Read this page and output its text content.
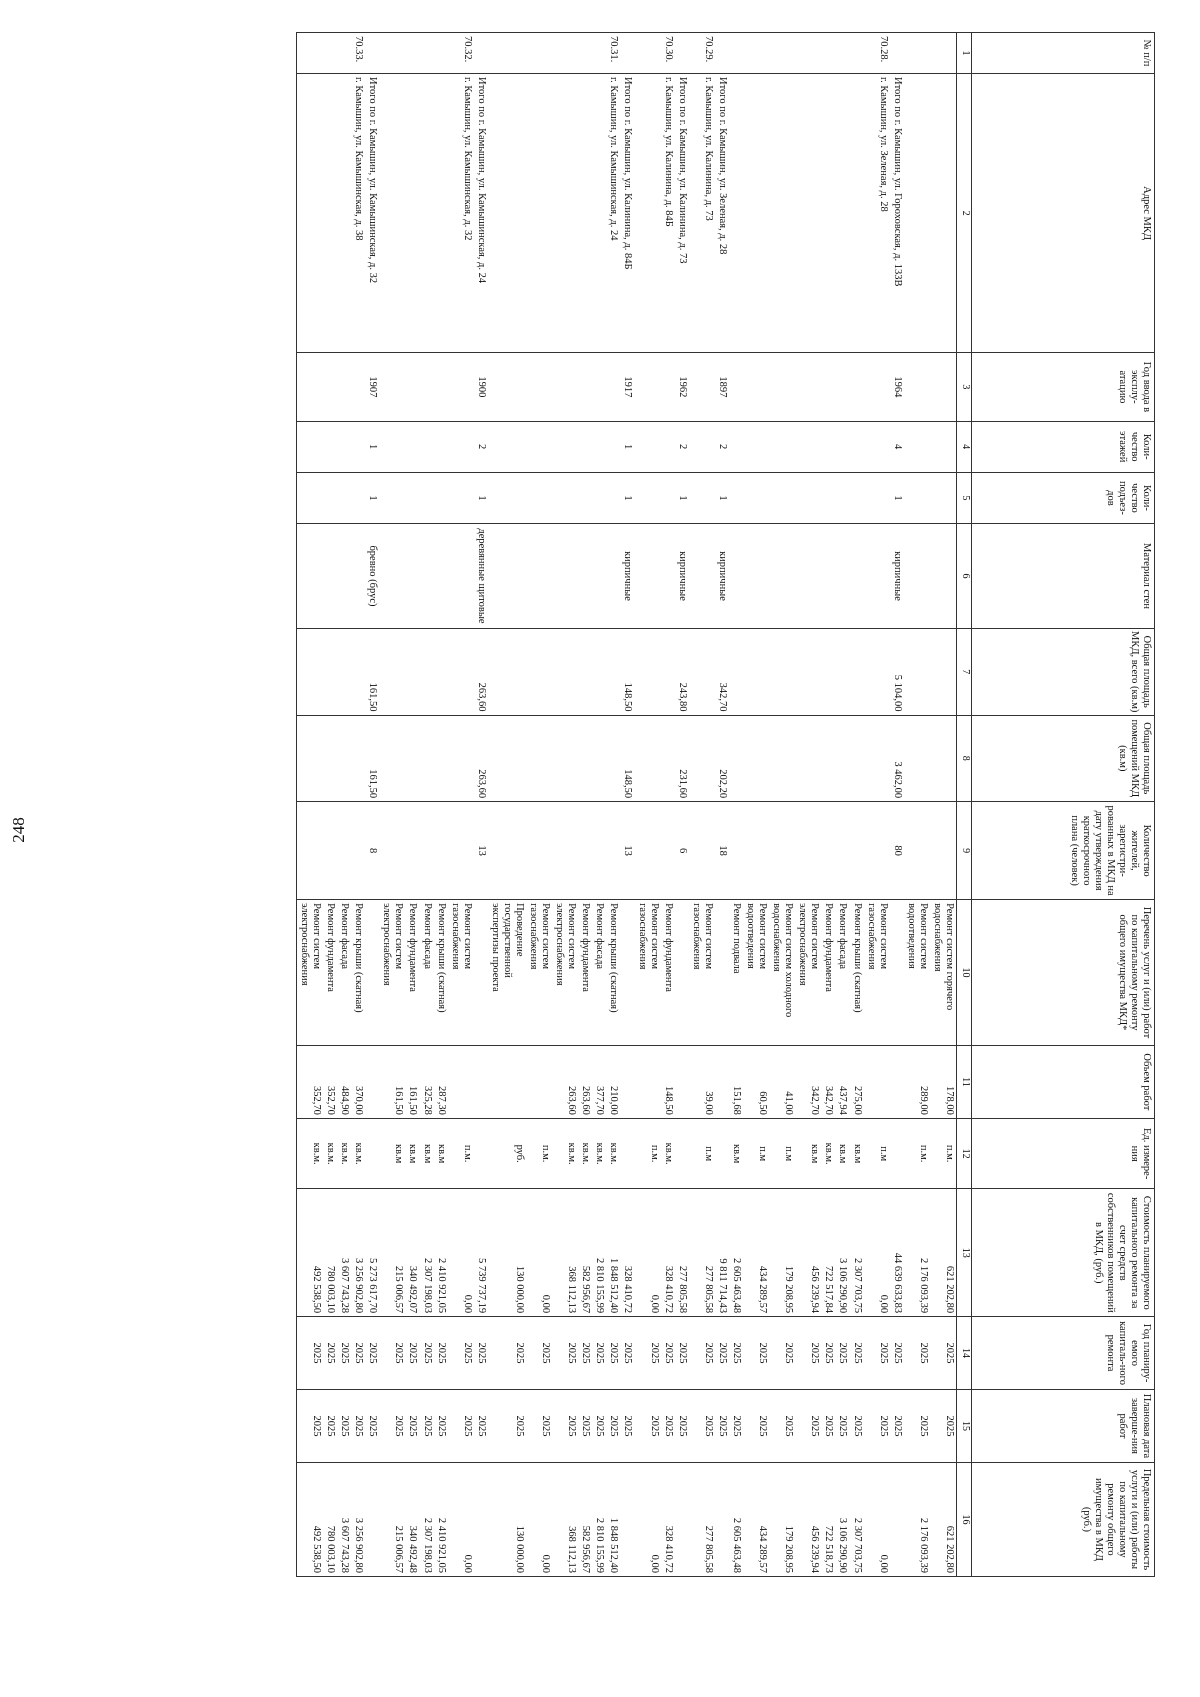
248
№ п/п	Адрес МКД	Год ввода в эксплу-атацию	Коли-чество этажей	Коли-чество подъез-дов	Материал стен	Общая площадь МКД, всего (кв.м)	Общая площадь помещений МКД (кв.м)	Количество жителей, зарегистри-рованных в МКД на дату утверждения краткосрочного плана (человек)	Перечень услуг и (или) работ по капитальному ремонту общего имущества МКД*	Объем работ	Ед. измере-ния	Стоимость планируемого капитального ремонта за счет средств собственников помещений в МКД, (руб.)	Год планиру-емого капиталь-ного ремонта	Плановая дата заверше-ния работ	Предельная стоимость услуги и (или) работы по капитальному ремонту общего имущества в МКД (руб.)
1	2	3	4	5	6	7	8	9	10	11	12	13	14	15	16

									Ремонт систем горячего
водоснабжения	178,00	п.м.	621 202,80	2025	2025	621 202,80

									Ремонт систем
водоотведения	289,00	п.м.	2 176 093,39	2025	2025	2 176 093,39

	Итого по г. Камышин, ул. Гороховская, д. 133В	1964	4	1	кирпичные	5 104,00	3 462,00	80				44 639 633,83	2025	2025	

70.28.	г. Камышин, ул. Зеленая, д. 28								Ремонт систем
газоснабжения		п.м	0,00	2025	2025	0,00

									Ремонт крыши (скатная)	275,00	кв.м	2 307 703,75	2025	2025	2 307 703,75

									Ремонт фасада	437,94	кв.м	3 106 290,90	2025	2025	3 106 290,90

									Ремонт фундамента	342,70	кв.м.	722 517,84	2025	2025	722 518,73

									Ремонт систем
электроснабжения	342,70	кв.м	456 239,94	2025	2025	456 239,94

									Ремонт систем холодного
водоснабжения	41,00	п.м	179 208,95	2025	2025	179 208,95

									Ремонт систем
водоотведения	60,50	п.м	434 289,57	2025	2025	434 289,57

									Ремонт подвала	151,68	кв.м	2 605 463,48	2025	2025	2 605 463,48

	Итого по г. Камышин, ул. Зеленая, д. 28	1897	2	1	кирпичные	342,70	202,20	18				9 811 714,43	2025	2025	

70.29.	г. Камышин, ул. Калинина, д. 73								Ремонт систем
газоснабжения	39,00	п.м	277 805,58	2025	2025	277 805,58

	Итого по г. Камышин, ул. Калинина, д. 73	1962	2	1	кирпичные	243,80	231,60	6				277 805,58	2025	2025	

70.30.	г. Камышин, ул. Калинина, д. 84Б								Ремонт фундамента	148,50	кв.м.	328 410,72	2025	2025	328 410,72

									Ремонт систем
газоснабжения		п.м.	0,00	2025	2025	0,00

	Итого по г. Камышин, ул. Калинина, д. 84Б	1917	1	1	кирпичные	148,50	148,50	13				328 410,72	2025	2025	

70.31.	г. Камышин, ул. Камышинская, д. 24								Ремонт крыши (скатная)	210,00	кв.м.	1 848 512,40	2025	2025	1 848 512,40

									Ремонт фасада	377,70	кв.м.	2 810 155,99	2025	2025	2 810 155,99

									Ремонт фундамента	263,60	кв.м.	582 956,67	2025	2025	582 956,67

									Ремонт систем
электроснабжения	263,60	кв.м.	368 112,13	2025	2025	368 112,13

									Ремонт систем
газоснабжения		п.м.	0,00	2025	2025	0,00

									Проведение
государственной
экспертизы проекта		руб.	130 000,00	2025	2025	130 000,00

	Итого по г. Камышин, ул. Камышинская, д. 24	1900	2	1	деревянные щитовые	263,60	263,60	13				5 739 737,19	2025	2025	

70.32.	г. Камышин, ул. Камышинская, д. 32								Ремонт систем
газоснабжения		п.м.	0,00	2025	2025	0,00

									Ремонт крыши (скатная)	287,30	кв.м	2 410 921,05	2025	2025	2 410 921,05

									Ремонт фасада	325,28	кв.м	2 307 198,03	2025	2025	2 307 198,03

									Ремонт фундамента	161,50	кв.м	340 492,07	2025	2025	340 492,48

									Ремонт систем
электроснабжения	161,50	кв.м	215 006,57	2025	2025	215 006,57

	Итого по г. Камышин, ул. Камышинская, д. 32	1907	1	1	бревно (брус)	161,50	161,50	8				5 273 617,70	2025	2025	

70.33.	г. Камышин, ул. Камышинская, д. 38								Ремонт крыши (скатная)	370,00	кв.м.	3 256 902,80	2025	2025	3 256 902,80

									Ремонт фасада	484,90	кв.м.	3 607 743,28	2025	2025	3 607 743,28

									Ремонт фундамента	352,70	кв.м.	780 003,10	2025	2025	780 003,10

									Ремонт систем
электроснабжения	352,70	кв.м.	492 538,50	2025	2025	492 538,50
